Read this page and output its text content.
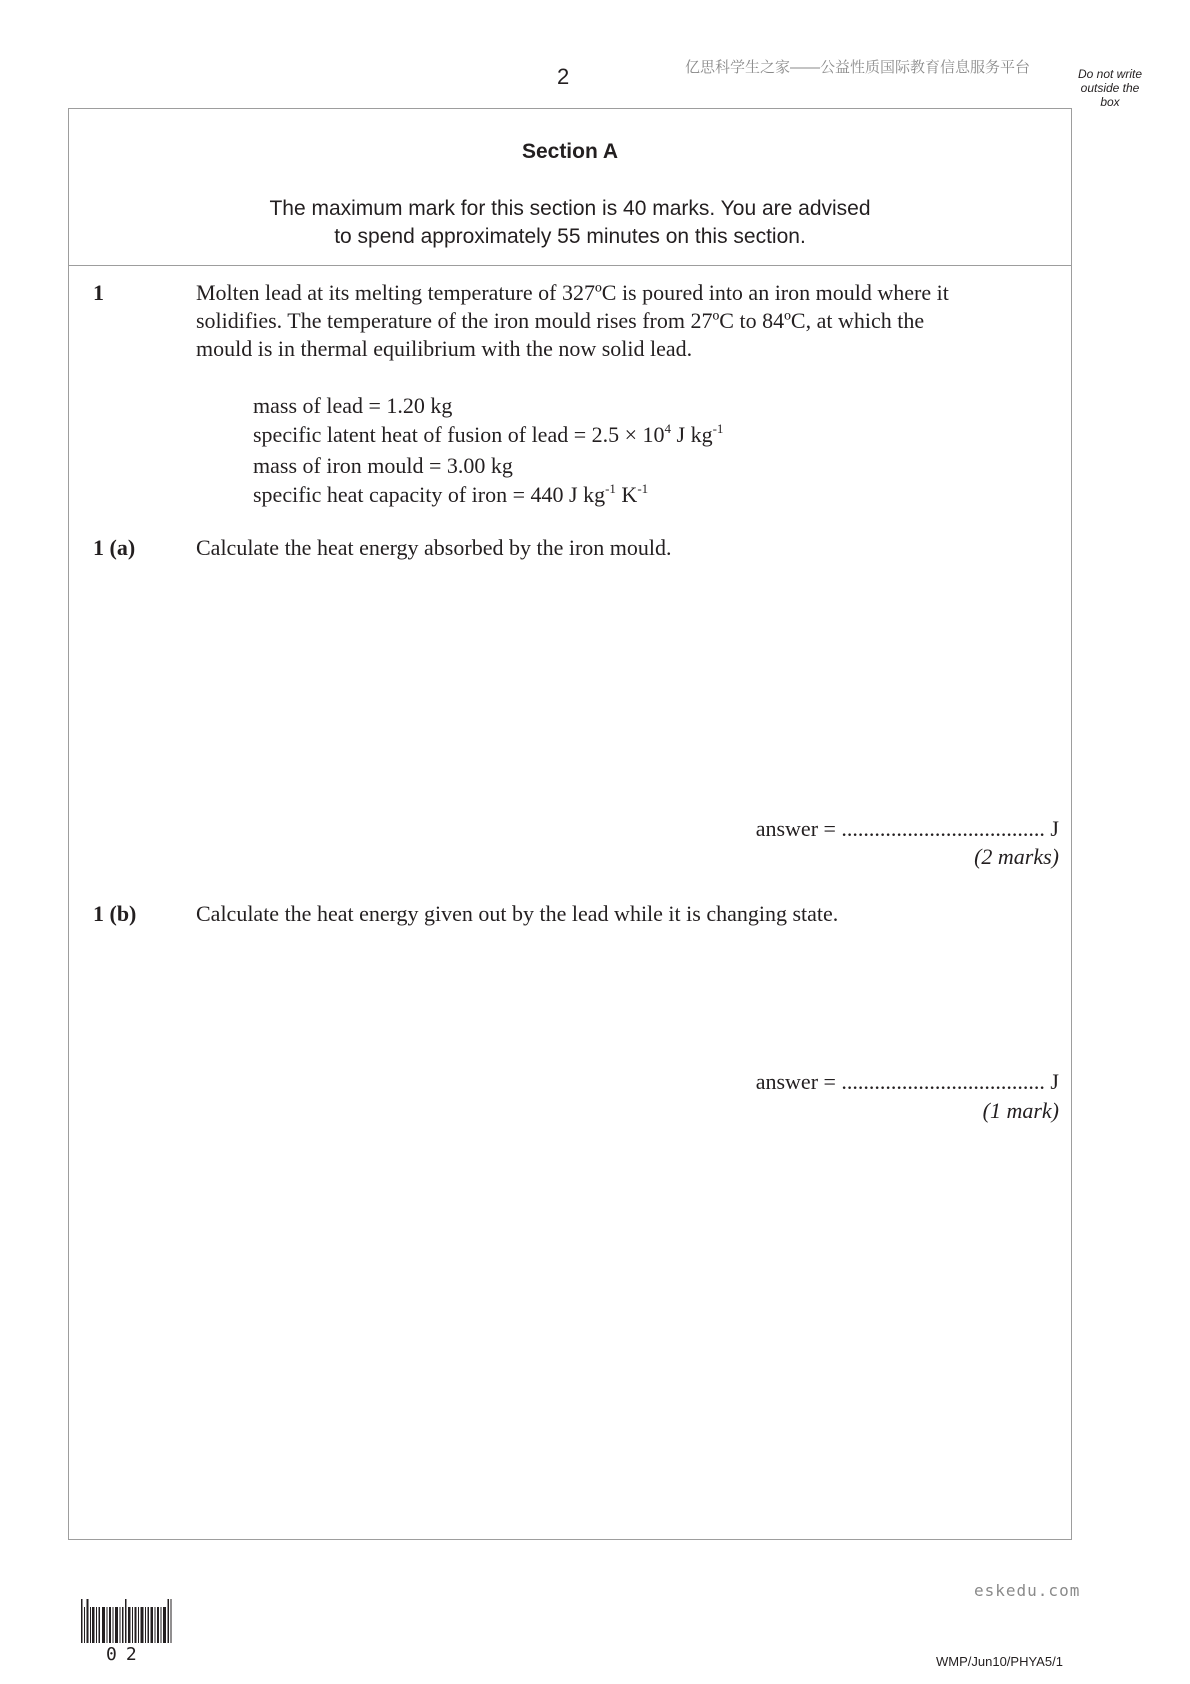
2	亿思科学生之家——公益性质国际教育信息服务平台	Do not write
outside the
box
Section A
The maximum mark for this section is 40 marks. You are advised
to spend approximately 55 minutes on this section.
1	Molten lead at its melting temperature of 327ºC is poured into an iron mould where it
solidifies. The temperature of the iron mould rises from 27ºC to 84ºC, at which the
mould is in thermal equilibrium with the now solid lead.
mass of lead = 1.20 kg
specific latent heat of fusion of lead = $2.5 \times 10^4$ J $kg^{-1}$
mass of iron mould = 3.00 kg
specific heat capacity of iron = 440 J $kg^{-1}$ $K^{-1}$
1 (a)	Calculate the heat energy absorbed by the iron mould.
answer = ..................................... J
(2 marks)
1 (b)	Calculate the heat energy given out by the lead while it is changing state.
answer = ..................................... J
(1 mark)
eskedu.com
02	WMP/Jun10/PHYA5/1
